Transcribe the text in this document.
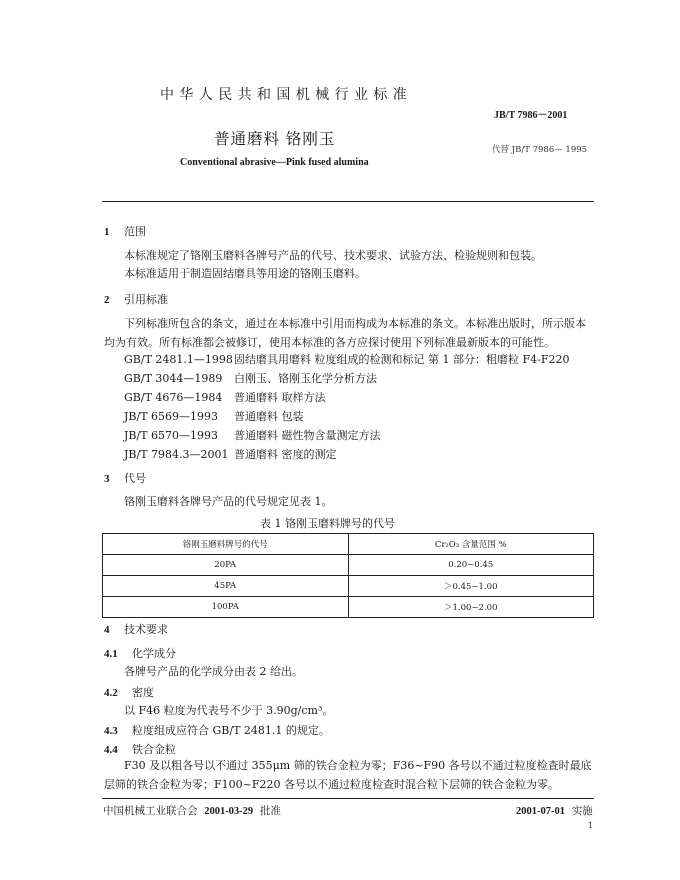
中华人民共和国机械行业标准
JB/T 7986－2001
普通磨料 铬刚玉
代替 JB/T 7986— 1995
Conventional abrasive—Pink fused alumina
1 范围
本标准规定了铬刚玉磨料各牌号产品的代号、技术要求、试验方法、检验规则和包装。
本标准适用于制造固结磨具等用途的铬刚玉磨料。
2 引用标准
下列标准所包含的条文，通过在本标准中引用而构成为本标准的条文。本标准出版时，所示版本均为有效。所有标准都会被修订，使用本标准的各方应探讨使用下列标准最新版本的可能性。
GB/T 2481.1—1998固结磨具用磨料 粒度组成的检测和标记 第 1 部分：粗磨粒 F4-F220
GB/T 3044—1989 白刚玉、铬刚玉化学分析方法
GB/T 4676—1984 普通磨料 取样方法
JB/T 6569—1993 普通磨料 包装
JB/T 6570—1993 普通磨料 磁性物含量测定方法
JB/T 7984.3—2001 普通磨料 密度的测定
3 代号
铬刚玉磨料各牌号产品的代号规定见表 1。
表 1 铬刚玉磨料牌号的代号
铬刚玉磨料牌号的代号	Cr₂O₃ 含量范围 %
20PA	0.20~0.45
45PA	＞0.45~1.00
100PA	＞1.00~2.00
4 技术要求
4.1 化学成分
各牌号产品的化学成分由表 2 给出。
4.2 密度
以 F46 粒度为代表号不少于 3.90g/cm³。
4.3 粒度组成应符合 GB/T 2481.1 的规定。
4.4 铁合金粒
F30 及以粗各号以不通过 355μm 筛的铁合金粒为零；F36~F90 各号以不通过粒度检查时最底层筛的铁合金粒为零；F100~F220 各号以不通过粒度检查时混合粒下层筛的铁合金粒为零。
中国机械工业联合会 2001-03-29 批准	2001-07-01 实施
1
